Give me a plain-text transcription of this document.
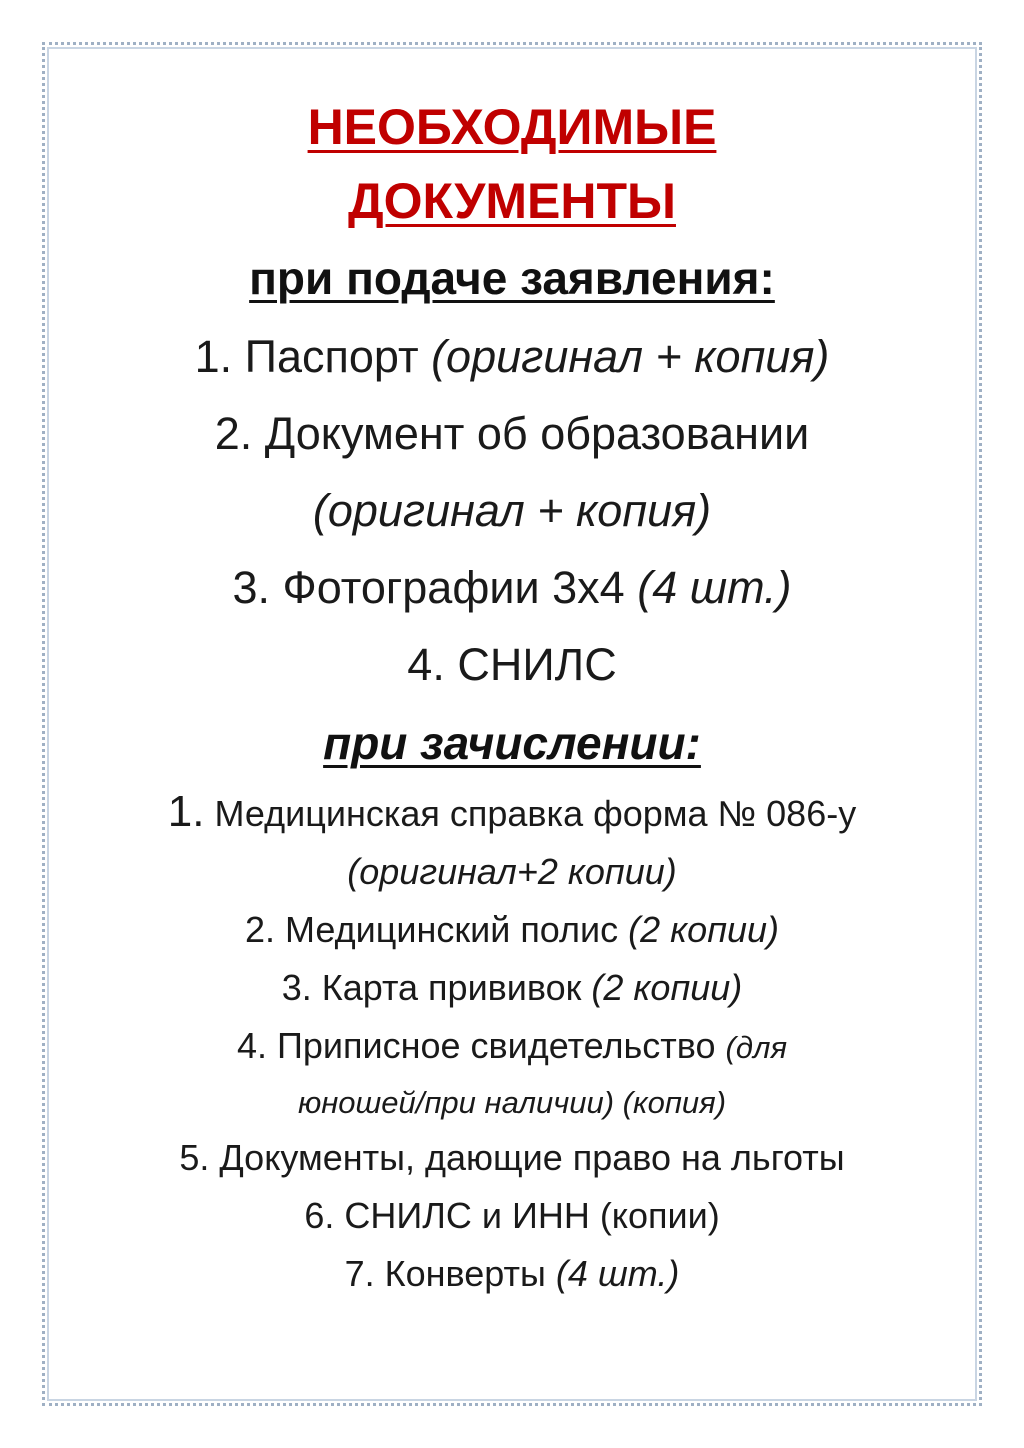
НЕОБХОДИМЫЕ

ДОКУМЕНТЫ

при подаче заявления:

1. Паспорт (оригинал + копия)

2. Документ об образовании

(оригинал + копия)

3. Фотографии 3х4 (4 шт.)

4. СНИЛС

при зачислении:

1. Медицинская справка форма № 086-у

(оригинал+2 копии)

2. Медицинский полис (2 копии)

3. Карта прививок (2 копии)

4. Приписное свидетельство (для

юношей/при наличии) (копия)

5. Документы, дающие право на льготы

6. СНИЛС и ИНН (копии)

7. Конверты (4 шт.)
